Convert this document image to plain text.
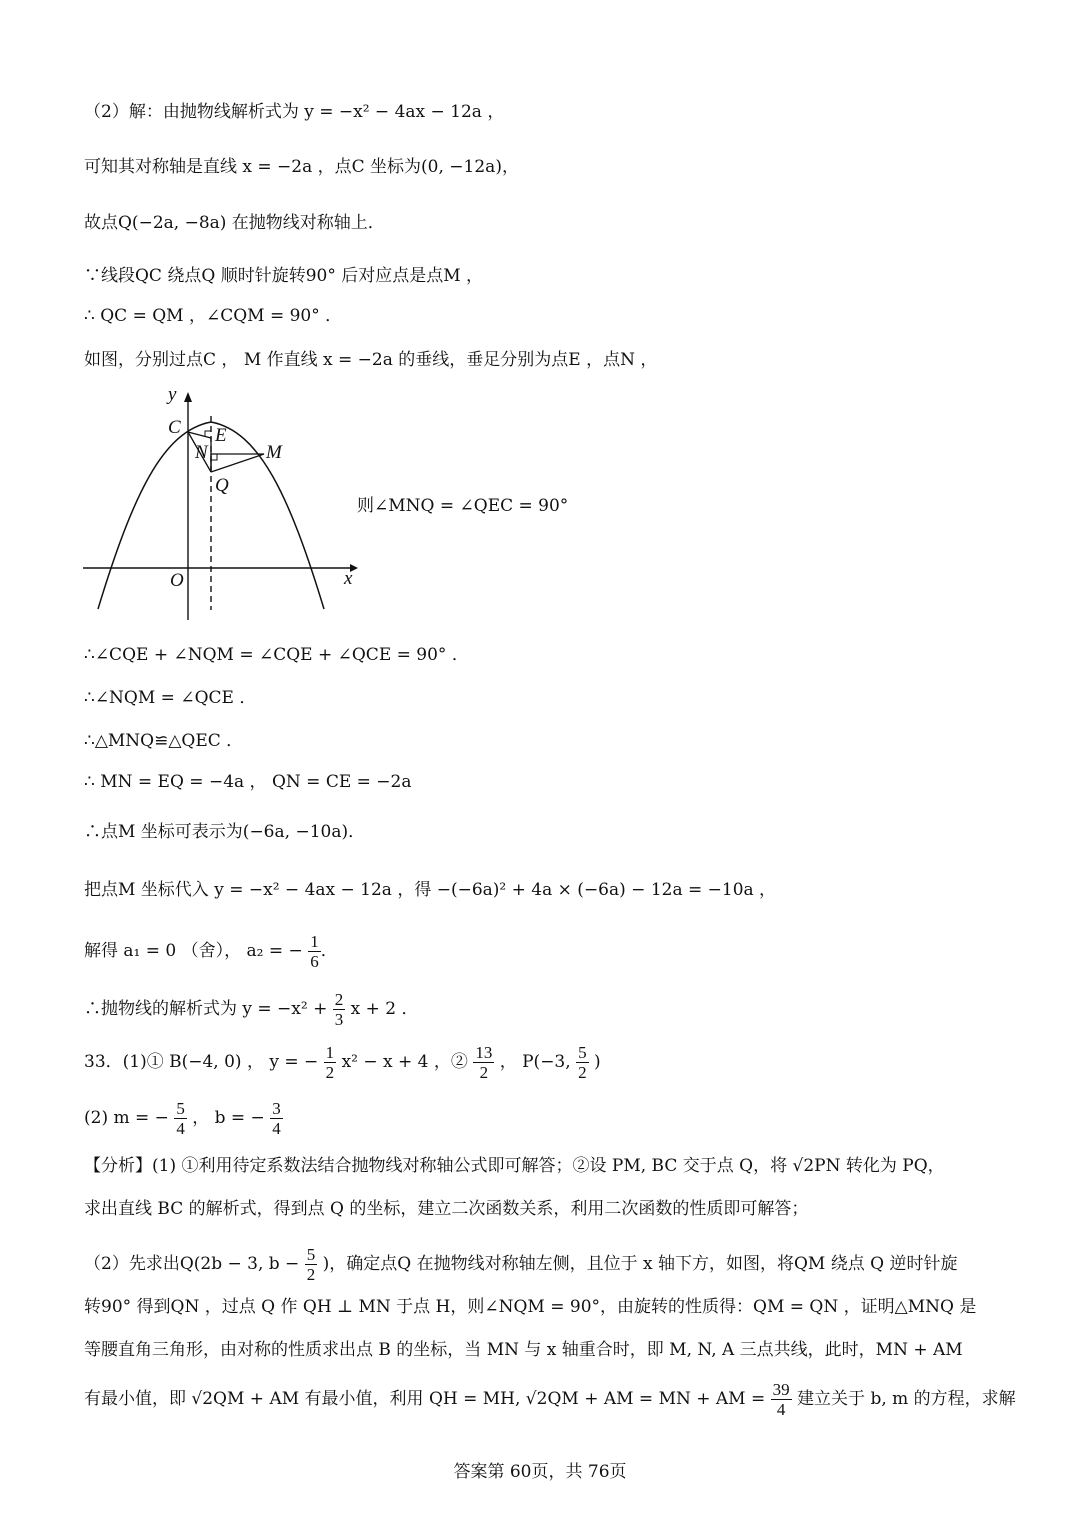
（2）解：由抛物线解析式为 y = −x² − 4ax − 12a ，
可知其对称轴是直线 x = −2a ，点C 坐标为(0, −12a)，
故点Q(−2a, −8a) 在抛物线对称轴上．
∵线段QC 绕点Q 顺时针旋转90° 后对应点是点M ，
∴ QC = QM ，∠CQM = 90° ．
如图，分别过点C ， M 作直线 x = −2a 的垂线，垂足分别为点E ，点N ，
y
x
O
C E
N	M
Q
则∠MNQ = ∠QEC = 90°
∴∠CQE + ∠NQM = ∠CQE + ∠QCE = 90° ．
∴∠NQM = ∠QCE ．
∴△MNQ≌△QEC ．
∴ MN = EQ = −4a ， QN = CE = −2a
∴点M 坐标可表示为(−6a, −10a)．
把点M 坐标代入 y = −x² − 4ax − 12a ，得 −(−6a)² + 4a × (−6a) − 12a = −10a ，
解得 a₁ = 0 （舍）， a₂ = − $\frac{1}{6}$ ．
∴抛物线的解析式为 $y = -x^2 + \frac{2}{3}$ x + 2 ．
33．(1)① B(−4, 0) ， y = − $\frac{1}{2} x^2 - x + 4$ ，② $\frac{13}{2}$ ， P(−3, $\frac{5}{2}$ )
(2) m = − $\frac{5}{4}$ ， b = − $\frac{3}{4}$
【分析】(1) ①利用待定系数法结合抛物线对称轴公式即可解答；②设 PM, BC 交于点 Q，将 √2PN 转化为 PQ，
求出直线 BC 的解析式，得到点 Q 的坐标，建立二次函数关系，利用二次函数的性质即可解答；
（2）先求出Q(2b − 3, $b - \frac{5}{2}$ )，确定点Q 在抛物线对称轴左侧，且位于 x 轴下方，如图，将QM 绕点 Q 逆时针旋
转90° 得到QN ，过点 Q 作 QH ⊥ MN 于点 H，则∠NQM = 90°，由旋转的性质得：QM = QN ，证明△MNQ 是
等腰直角三角形，由对称的性质求出点 B 的坐标，当 MN 与 x 轴重合时，即 M, N, A 三点共线，此时，MN + AM
有最小值，即 √2QM + AM 有最小值，利用 QH = MH, √2QM + AM = MN + AM = $\frac{39}{4}$ 建立关于 b, m 的方程，求解
答案第 60页，共 76页
